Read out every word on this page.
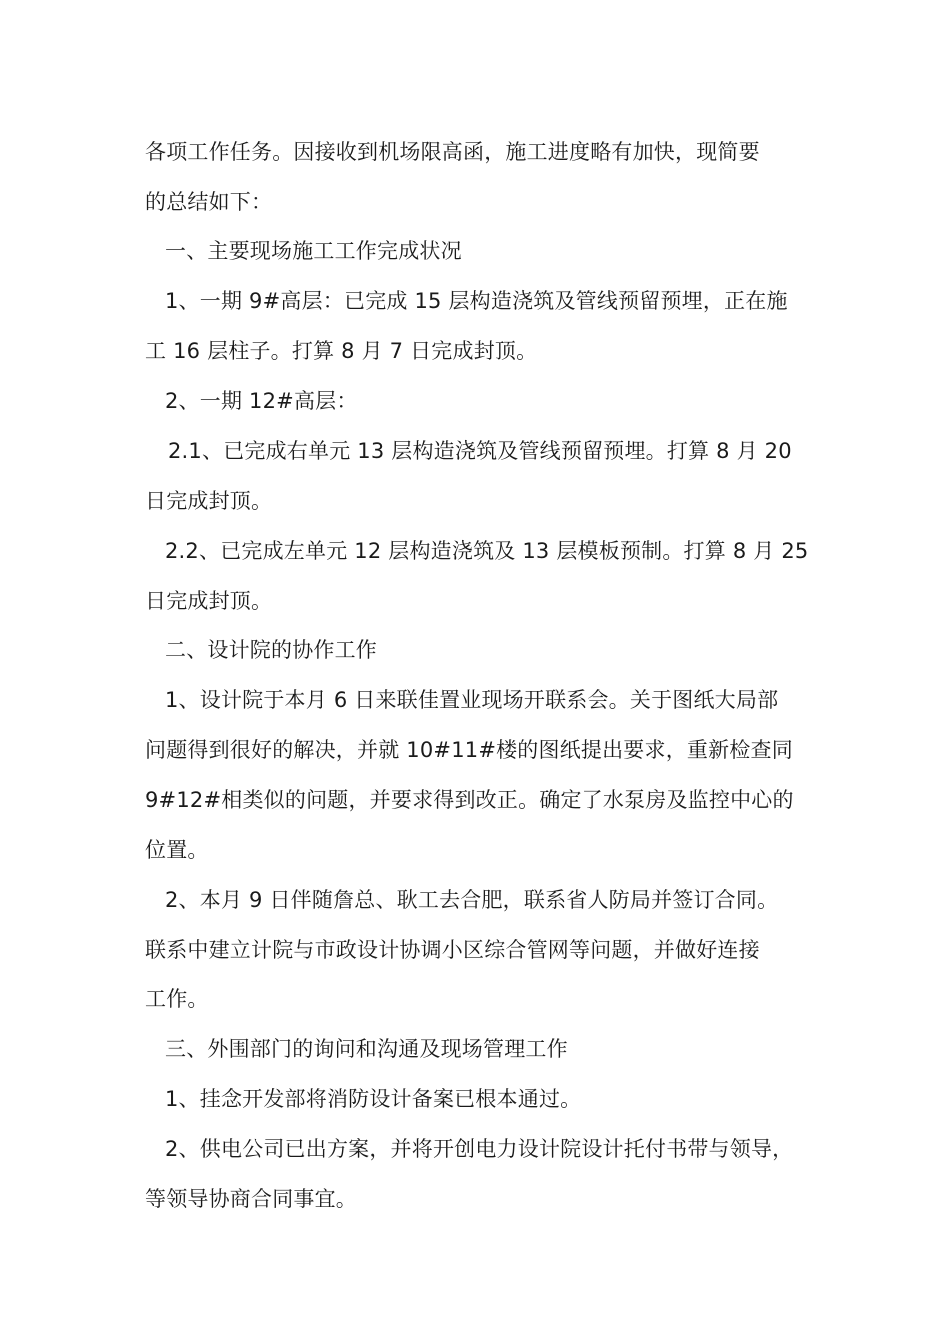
各项工作任务。因接收到机场限高函，施工进度略有加快，现简要
的总结如下：
一、主要现场施工工作完成状况
1、一期 9#高层：已完成 15 层构造浇筑及管线预留预埋，正在施
工 16 层柱子。打算 8 月 7 日完成封顶。
2、一期 12#高层：
2.1、已完成右单元 13 层构造浇筑及管线预留预埋。打算 8 月 20
日完成封顶。
2.2、已完成左单元 12 层构造浇筑及 13 层模板预制。打算 8 月 25
日完成封顶。
二、设计院的协作工作
1、设计院于本月 6 日来联佳置业现场开联系会。关于图纸大局部
问题得到很好的解决，并就 10#11#楼的图纸提出要求，重新检查同
9#12#相类似的问题，并要求得到改正。确定了水泵房及监控中心的
位置。
2、本月 9 日伴随詹总、耿工去合肥，联系省人防局并签订合同。
联系中建立计院与市政设计协调小区综合管网等问题，并做好连接
工作。
三、外围部门的询问和沟通及现场管理工作
1、挂念开发部将消防设计备案已根本通过。
2、供电公司已出方案，并将开创电力设计院设计托付书带与领导，
等领导协商合同事宜。
